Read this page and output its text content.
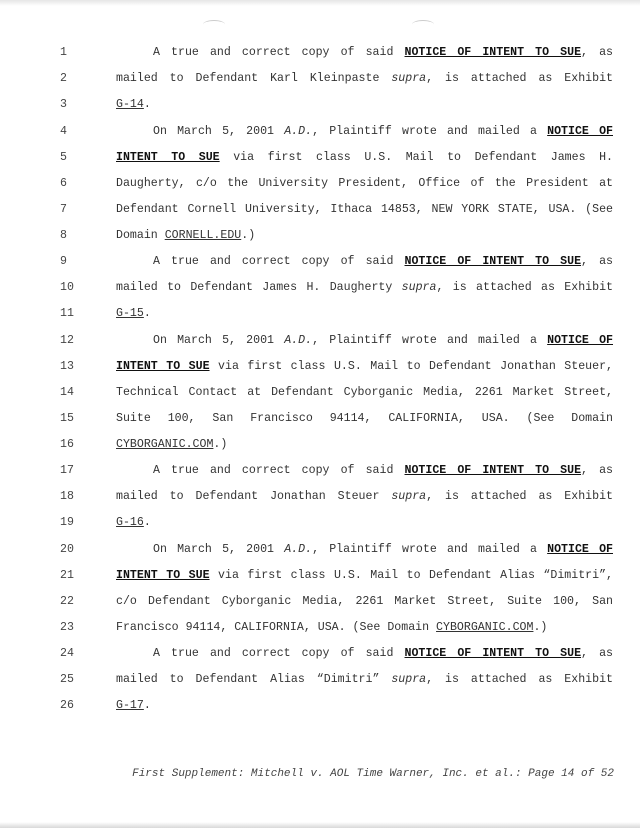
1	A true and correct copy of said NOTICE OF INTENT TO SUE, as
2	mailed to Defendant Karl Kleinpaste supra, is attached as Exhibit
3	G-14.
4	On March 5, 2001 A.D., Plaintiff wrote and mailed a NOTICE OF
5	INTENT TO SUE via first class U.S. Mail to Defendant James H.
6	Daugherty, c/o the University President, Office of the President at
7	Defendant Cornell University, Ithaca 14853, NEW YORK STATE, USA. (See
8	Domain CORNELL.EDU.)
9	A true and correct copy of said NOTICE OF INTENT TO SUE, as
10	mailed to Defendant James H. Daugherty supra, is attached as Exhibit
11	G-15.
12	On March 5, 2001 A.D., Plaintiff wrote and mailed a NOTICE OF
13	INTENT TO SUE via first class U.S. Mail to Defendant Jonathan Steuer,
14	Technical Contact at Defendant Cyborganic Media, 2261 Market Street,
15	Suite 100, San Francisco 94114, CALIFORNIA, USA. (See Domain
16	CYBORGANIC.COM.)
17	A true and correct copy of said NOTICE OF INTENT TO SUE, as
18	mailed to Defendant Jonathan Steuer supra, is attached as Exhibit
19	G-16.
20	On March 5, 2001 A.D., Plaintiff wrote and mailed a NOTICE OF
21	INTENT TO SUE via first class U.S. Mail to Defendant Alias “Dimitri”,
22	c/o Defendant Cyborganic Media, 2261 Market Street, Suite 100, San
23	Francisco 94114, CALIFORNIA, USA. (See Domain CYBORGANIC.COM.)
24	A true and correct copy of said NOTICE OF INTENT TO SUE, as
25	mailed to Defendant Alias “Dimitri” supra, is attached as Exhibit
26	G-17.
First Supplement: Mitchell v. AOL Time Warner, Inc. et al.: Page 14 of 52
